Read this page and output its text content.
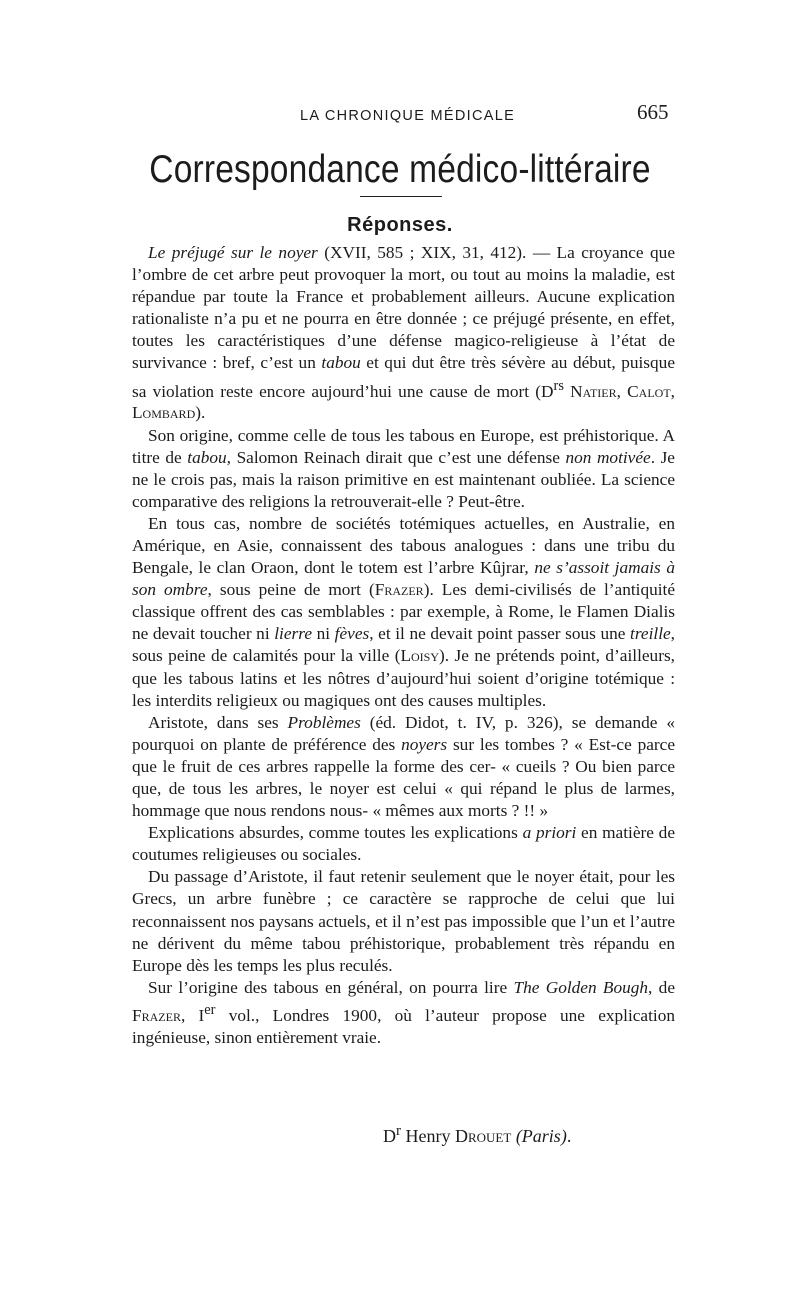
LA CHRONIQUE MÉDICALE	665
Correspondance médico-littéraire
Réponses.

Le préjugé sur le noyer (XVII, 585 ; XIX, 31, 412). — La croyance que l’ombre de cet arbre peut provoquer la mort, ou tout au moins la maladie, est répandue par toute la France et probablement ailleurs. Aucune explication rationaliste n’a pu et ne pourra en être donnée ; ce préjugé présente, en effet, toutes les caractéristiques d’une défense magico-religieuse à l’état de survivance : bref, c’est un tabou et qui dut être très sévère au début, puisque sa violation reste encore aujourd’hui une cause de mort ($D^{rs}$ Natier, Calot, Lombard).

Son origine, comme celle de tous les tabous en Europe, est préhistorique. A titre de tabou, Salomon Reinach dirait que c’est une défense non motivée. Je ne le crois pas, mais la raison primitive en est maintenant oubliée. La science comparative des religions la retrouverait-elle ? Peut-être.

En tous cas, nombre de sociétés totémiques actuelles, en Australie, en Amérique, en Asie, connaissent des tabous analogues : dans une tribu du Bengale, le clan Oraon, dont le totem est l’arbre Kûjrar, ne s’assoit jamais à son ombre, sous peine de mort (Frazer). Les demi-civilisés de l’antiquité classique offrent des cas semblables : par exemple, à Rome, le Flamen Dialis ne devait toucher ni lierre ni fèves, et il ne devait point passer sous une treille, sous peine de calamités pour la ville (Loisy). Je ne prétends point, d’ailleurs, que les tabous latins et les nôtres d’aujourd’hui soient d’origine totémique : les interdits religieux ou magiques ont des causes multiples.

Aristote, dans ses Problèmes (éd. Didot, t. IV, p. 326), se demande « pourquoi on plante de préférence des noyers sur les tombes ? « Est-ce parce que le fruit de ces arbres rappelle la forme des cer- « cueils ? Ou bien parce que, de tous les arbres, le noyer est celui « qui répand le plus de larmes, hommage que nous rendons nous- « mêmes aux morts ? !! »

Explications absurdes, comme toutes les explications a priori en matière de coutumes religieuses ou sociales.

Du passage d’Aristote, il faut retenir seulement que le noyer était, pour les Grecs, un arbre funèbre ; ce caractère se rapproche de celui que lui reconnaissent nos paysans actuels, et il n’est pas impossible que l’un et l’autre ne dérivent du même tabou préhistorique, probablement très répandu en Europe dès les temps les plus reculés.

Sur l’origine des tabous en général, on pourra lire The Golden Bough, de Frazer, Ier vol., Londres 1900, où l’auteur propose une explication ingénieuse, sinon entièrement vraie.

$D^r$ Henry Drouet (Paris).
